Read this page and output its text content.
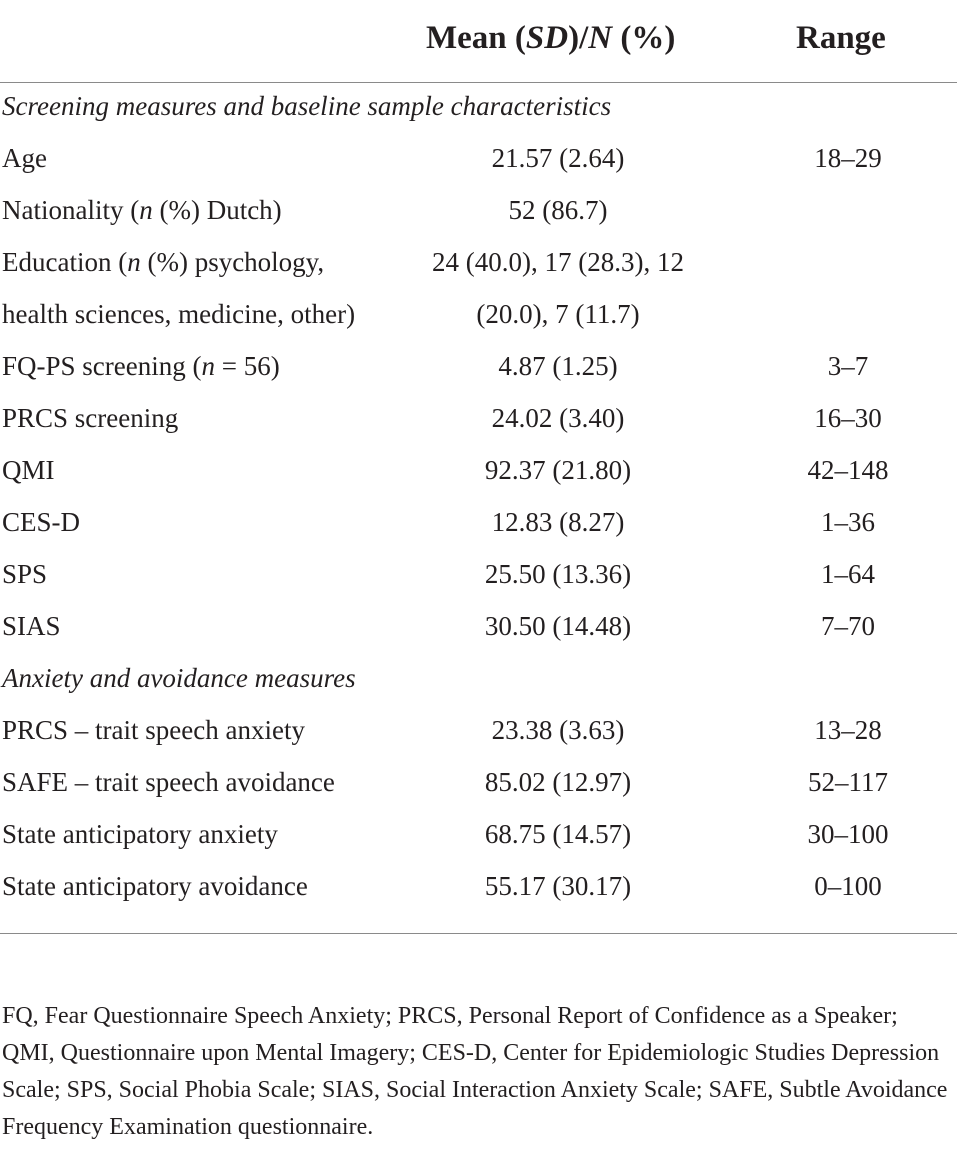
Mean (SD)/N (%)	Range
Screening measures and baseline sample characteristics
Age	21.57 (2.64)	18–29
Nationality (n (%) Dutch)	52 (86.7)
Education (n (%) psychology,	24 (40.0), 17 (28.3), 12
health sciences, medicine, other)	(20.0), 7 (11.7)
FQ-PS screening (n = 56)	4.87 (1.25)	3–7
PRCS screening	24.02 (3.40)	16–30
QMI	92.37 (21.80)	42–148
CES-D	12.83 (8.27)	1–36
SPS	25.50 (13.36)	1–64
SIAS	30.50 (14.48)	7–70
Anxiety and avoidance measures
PRCS – trait speech anxiety	23.38 (3.63)	13–28
SAFE – trait speech avoidance	85.02 (12.97)	52–117
State anticipatory anxiety	68.75 (14.57)	30–100
State anticipatory avoidance	55.17 (30.17)	0–100
FQ, Fear Questionnaire Speech Anxiety; PRCS, Personal Report of Confidence as a Speaker; QMI, Questionnaire upon Mental Imagery; CES-D, Center for Epidemiologic Studies Depression Scale; SPS, Social Phobia Scale; SIAS, Social Interaction Anxiety Scale; SAFE, Subtle Avoidance Frequency Examination questionnaire.
